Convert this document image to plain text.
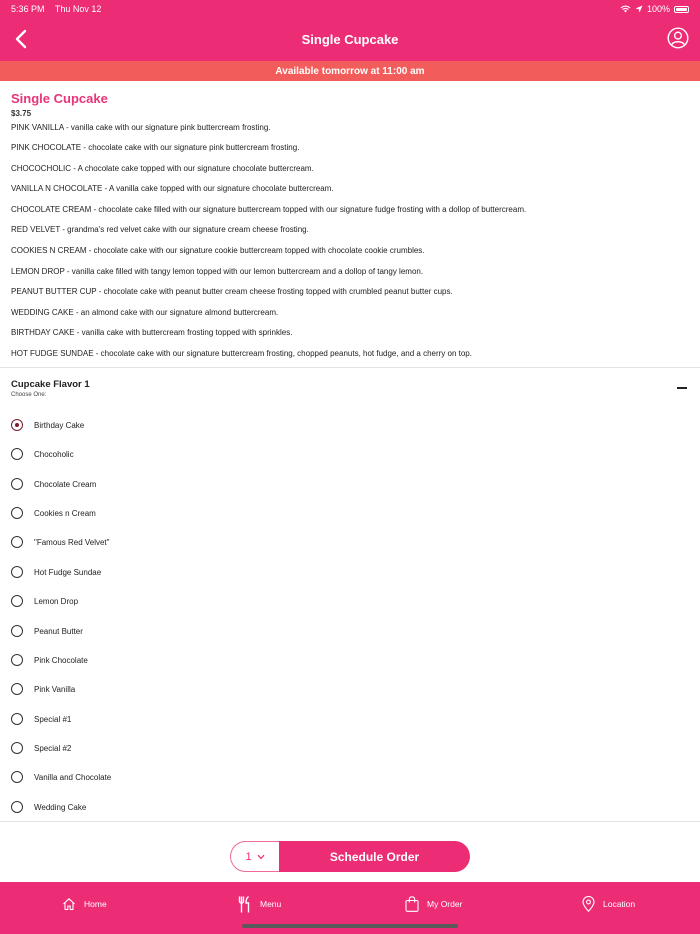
5:36 PM Thu Nov 12	100%
Single Cupcake
Available tomorrow at 11:00 am
Single Cupcake
$3.75
PINK VANILLA - vanilla cake with our signature pink buttercream frosting.
PINK CHOCOLATE - chocolate cake with our signature pink buttercream frosting.
CHOCOCHOLIC - A chocolate cake topped with our signature chocolate buttercream.
VANILLA N CHOCOLATE - A vanilla cake topped with our signature chocolate buttercream.
CHOCOLATE CREAM - chocolate cake filled with our signature buttercream topped with our signature fudge frosting with a dollop of buttercream.
RED VELVET - grandma's red velvet cake with our signature cream cheese frosting.
COOKIES N CREAM - chocolate cake with our signature cookie buttercream topped with chocolate cookie crumbles.
LEMON DROP - vanilla cake filled with tangy lemon topped with our lemon buttercream and a dollop of tangy lemon.
PEANUT BUTTER CUP - chocolate cake with peanut butter cream cheese frosting topped with crumbled peanut butter cups.
WEDDING CAKE - an almond cake with our signature almond buttercream.
BIRTHDAY CAKE - vanilla cake with buttercream frosting topped with sprinkles.
HOT FUDGE SUNDAE - chocolate cake with our signature buttercream frosting, chopped peanuts, hot fudge, and a cherry on top.
Cupcake Flavor 1
Choose One:
Birthday Cake
Chocoholic
Chocolate Cream
Cookies n Cream
"Famous Red Velvet"
Hot Fudge Sundae
Lemon Drop
Peanut Butter
Pink Chocolate
Pink Vanilla
Special #1
Special #2
Vanilla and Chocolate
Wedding Cake
1	Schedule Order
Home	Menu	My Order	Location
